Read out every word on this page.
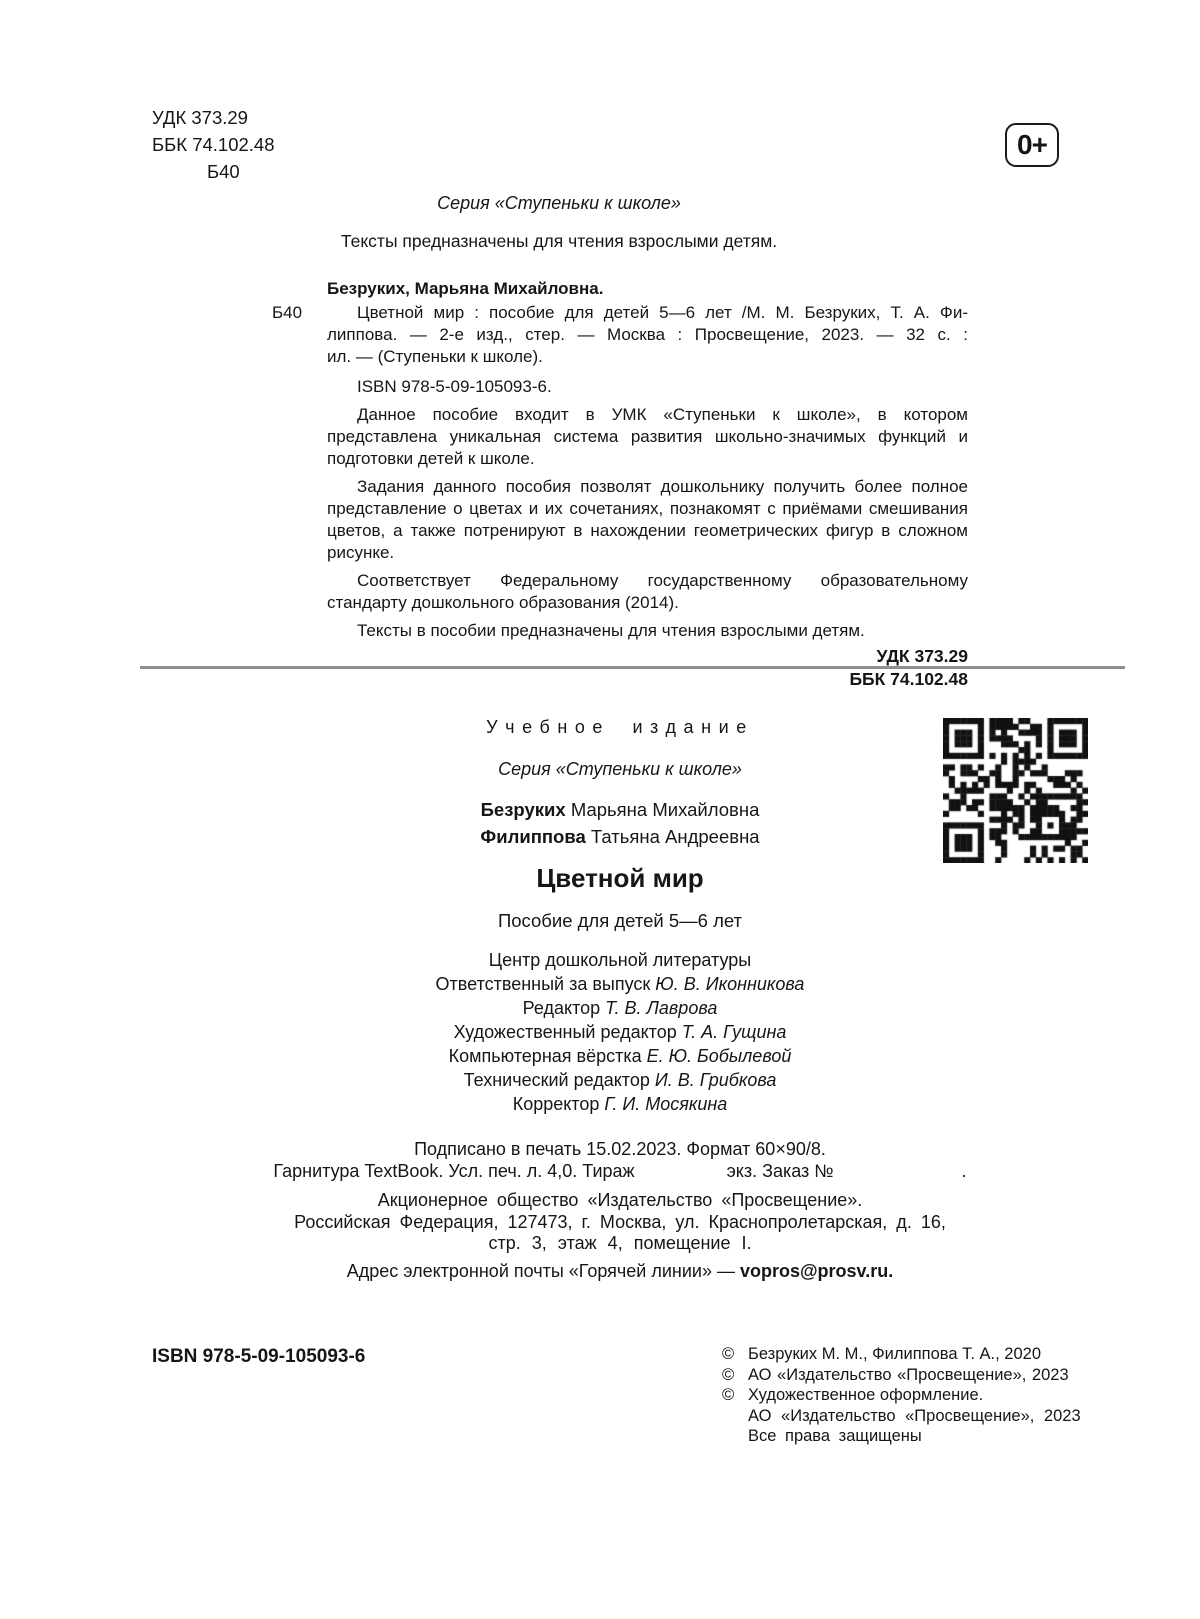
УДК 373.29
ББК 74.102.48
Б40
0+
Серия «Ступеньки к школе»
Тексты предназначены для чтения взрослыми детям.
Безруких, Марьяна Михайловна.
Б40	Цветной мир : пособие для детей 5—6 лет /М. М. Безруких, Т. А. Фи-
липпова. — 2-е изд., стер. — Москва : Просвещение, 2023. — 32 с. :
ил. — (Ступеньки к школе).
ISBN 978-5-09-105093-6.

Данное пособие входит в УМК «Ступеньки к школе», в котором представлена уникальная система развития школьно-значимых функций и подготовки детей к школе.

Задания данного пособия позволят дошкольнику получить более полное представление о цветах и их сочетаниях, познакомят с приёмами смешивания цветов, а также потренируют в нахождении геометрических фигур в сложном рисунке.

Соответствует Федеральному государственному образовательному стандарту дошкольного образования (2014).

Тексты в пособии предназначены для чтения взрослыми детям.

УДК 373.29
ББК 74.102.48
Учебное издание
Серия «Ступеньки к школе»
Безруких Марьяна Михайловна
Филиппова Татьяна Андреевна
Цветной мир
Пособие для детей 5—6 лет
Центр дошкольной литературы
Ответственный за выпуск Ю. В. Иконникова
Редактор Т. В. Лаврова
Художественный редактор Т. А. Гущина
Компьютерная вёрстка Е. Ю. Бобылевой
Технический редактор И. В. Грибкова
Корректор Г. И. Мосякина
Подписано в печать 15.02.2023. Формат 60×90/8.
Гарнитура TextBook. Усл. печ. л. 4,0. Тираж	экз. Заказ №	.
Акционерное общество «Издательство «Просвещение».
Российская Федерация, 127473, г. Москва, ул. Краснопролетарская, д. 16,
стр. 3, этаж 4, помещение I.
Адрес электронной почты «Горячей линии» — vopros@prosv.ru.
ISBN 978-5-09-105093-6	© Безруких М. М., Филиппова Т. А., 2020
© АО «Издательство «Просвещение», 2023
© Художественное оформление.
АО «Издательство «Просвещение», 2023
Все права защищены
